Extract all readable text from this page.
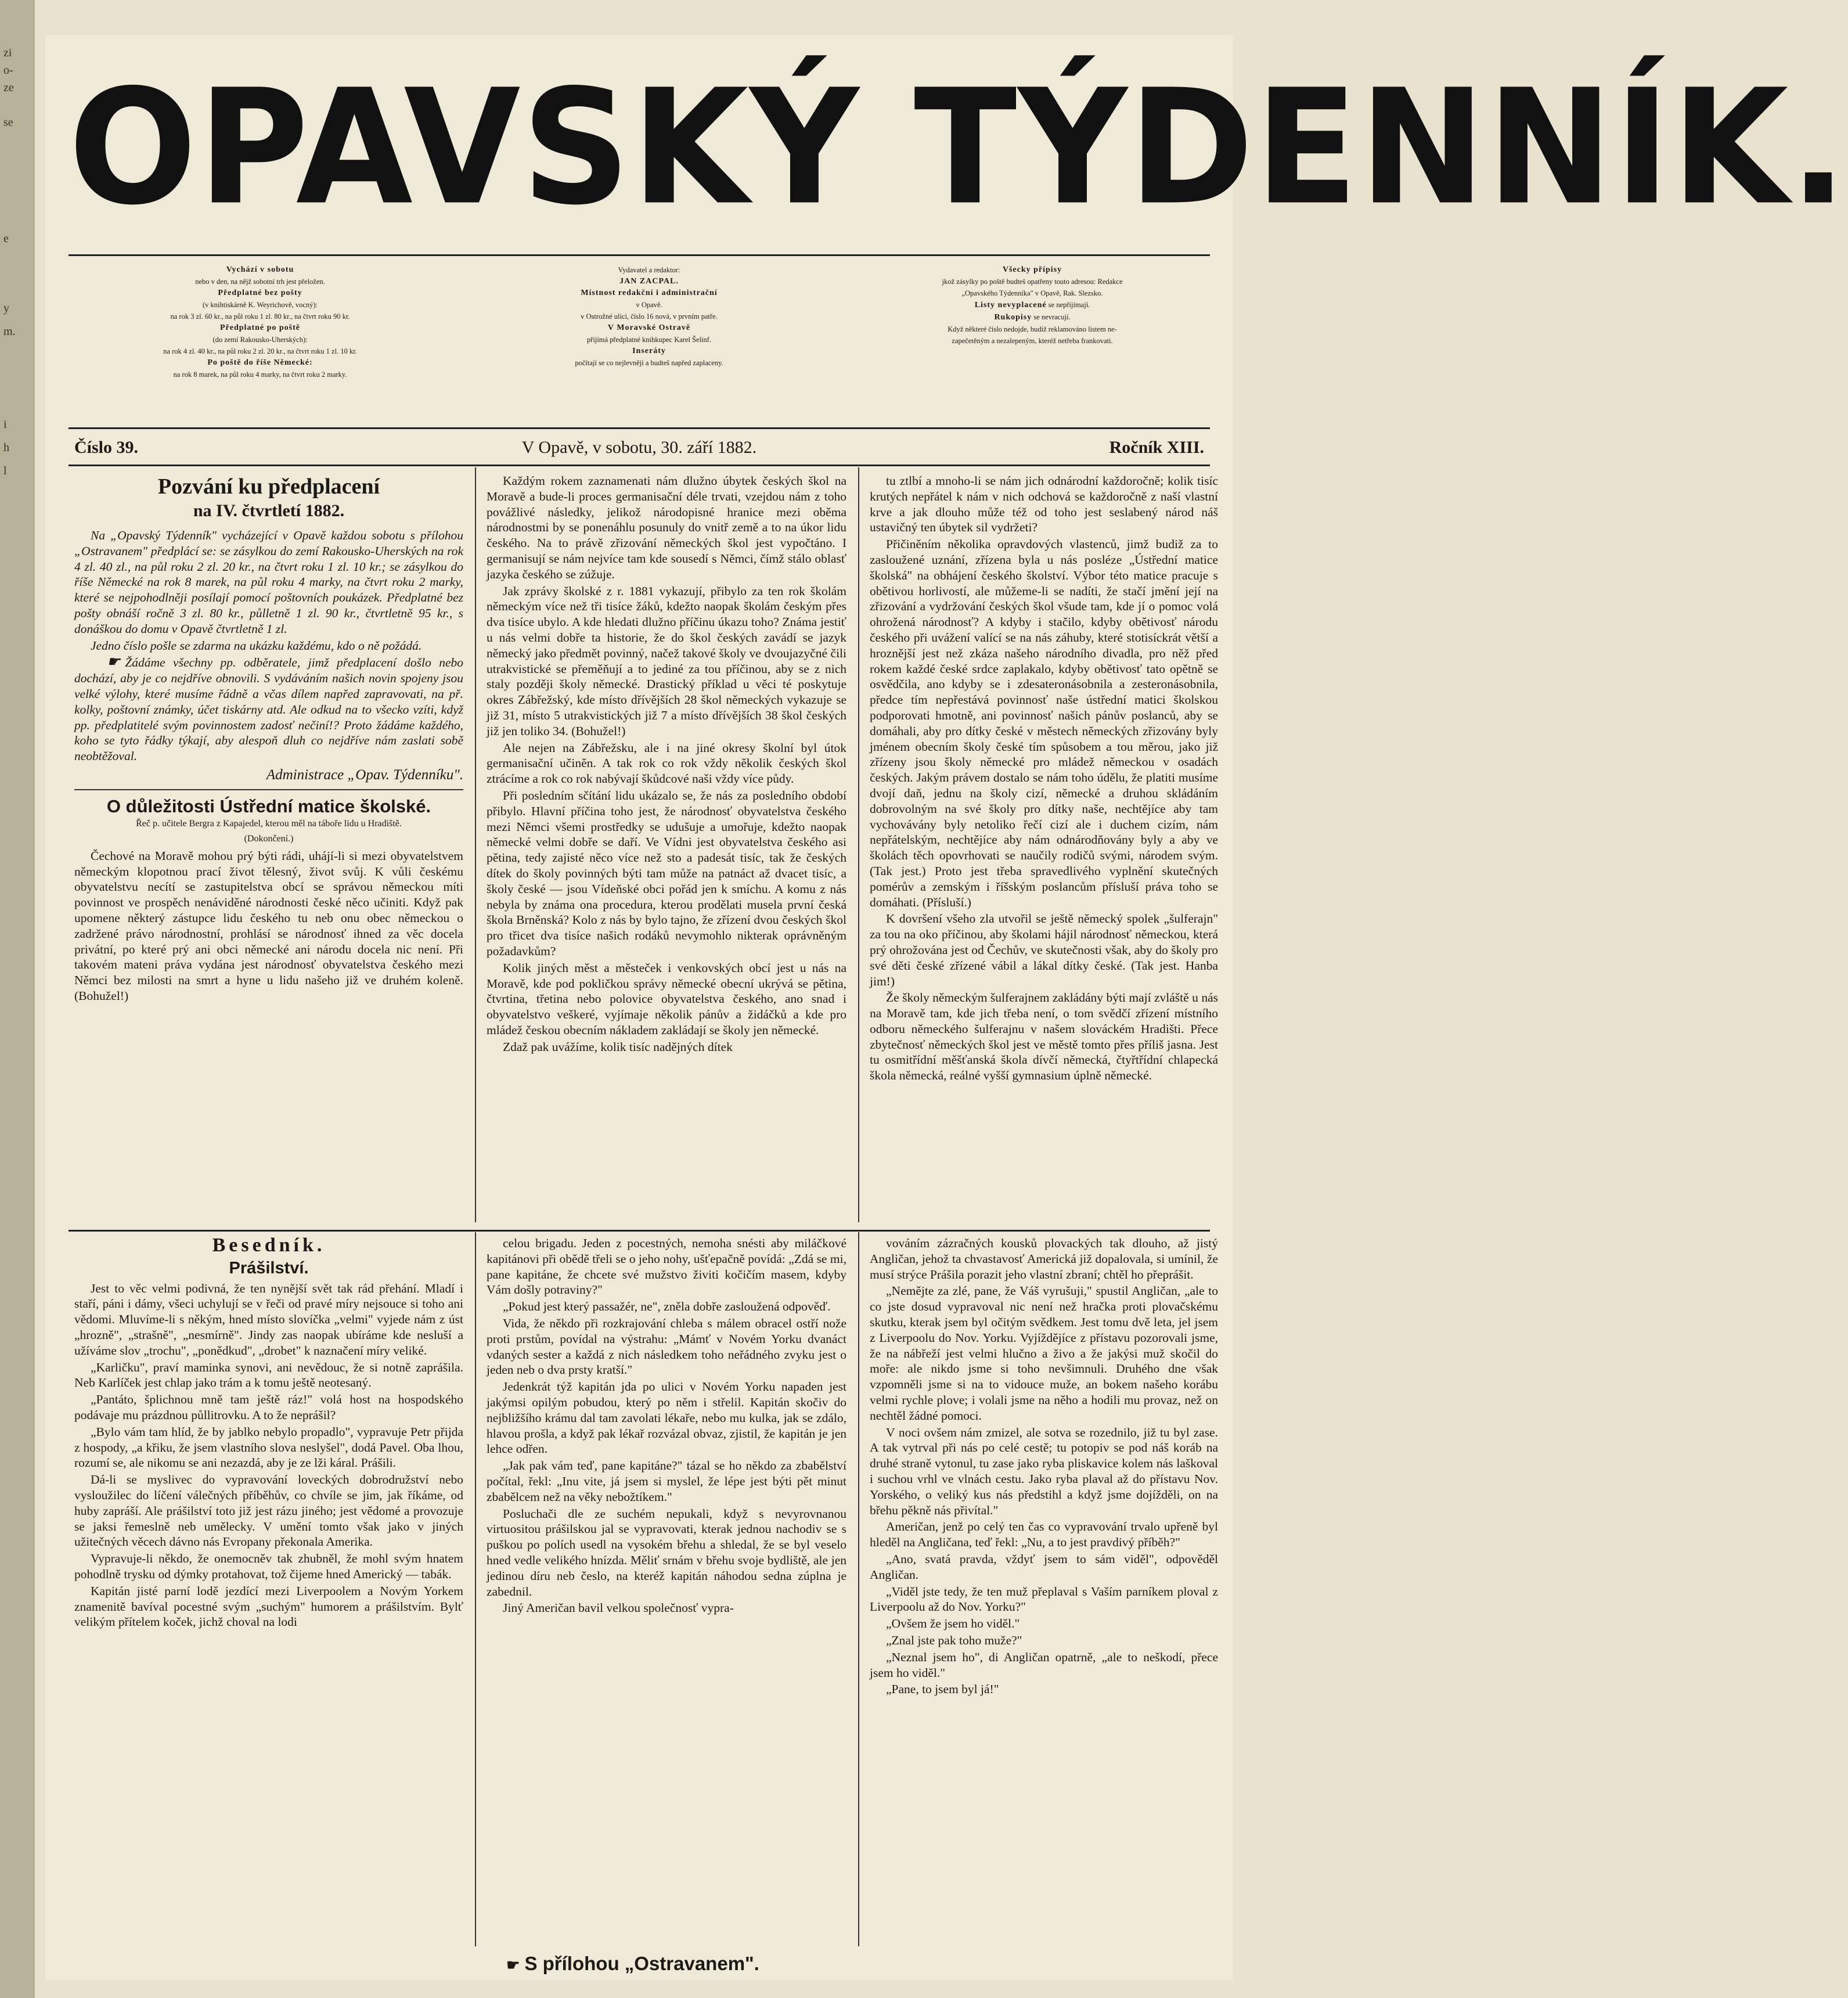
zi
o-
ze
se
e
y
m.
i
h
l
OPAVSKÝ TÝDENNÍK.
Vychází v sobotu
nebo v den, na nějž sobotní trh jest přeložen.
Předplatné bez pošty
(v knihtiskárně K. Weyrichově, vocný):
na rok 3 zl. 60 kr., na půl roku 1 zl. 80 kr., na čtvrt roku 90 kr.
Předplatné po poště
(do zemí Rakousko-Uherských):
na rok 4 zl. 40 kr., na půl roku 2 zl. 20 kr., na čtvrt roku 1 zl. 10 kr.
Po poště do říše Německé:
na rok 8 marek, na půl roku 4 marky, na čtvrt roku 2 marky.
Vydavatel a redaktor:
JAN ZACPAL.
Místnost redakční i administrační
v Opavě.
v Ostrožné ulici, číslo 16 nová, v prvním patře.
V Moravské Ostravě
přijímá předplatné knihkupec Karel Šelinf.
Inseráty
počítají se co nejlevněji a budteš napřed zaplaceny.
Všecky přípisy
jkož zásylky po poště budteš opatřeny touto adresou: Redakce
„Opavského Týdenníka" v Opavě, Rak. Slezsko.
Listy nevyplacené se nepřijímají.
Rukopisy se nevracují.
Když některé číslo nedojde, budiž reklamováno listem ne-
zapečetěným a nezalepeným, kteréž netřeba frankovati.
Číslo 39.	V Opavě, v sobotu, 30. září 1882.	Ročník XIII.
Pozvání ku předplacení
na IV. čtvrtletí 1882.

Na „Opavský Týdenník" vycházející v Opavě každou sobotu s přílohou „Ostravanem" předplácí se: se zásylkou do zemí Rakousko-Uherských na rok 4 zl. 40 zl., na půl roku 2 zl. 20 kr., na čtvrt roku 1 zl. 10 kr.; se zásylkou do říše Německé na rok 8 marek, na půl roku 4 marky, na čtvrt roku 2 marky, které se nejpohodlněji posílají pomocí poštovních poukázek. Předplatné bez pošty obnáší ročně 3 zl. 80 kr., půlletně 1 zl. 90 kr., čtvrtletně 95 kr., s donáškou do domu v Opavě čtvrtletně 1 zl.

Jedno číslo pošle se zdarma na ukázku každému, kdo o ně požádá.

☛ Žádáme všechny pp. odběratele, jimž předplacení došlo nebo dochází, aby je co nejdříve obnovili. S vydáváním našich novin spojeny jsou velké výlohy, které musíme řádně a včas dílem napřed zapravovati, na př. kolky, poštovní známky, účet tiskárny atd. Ale odkud na to všecko vzíti, když pp. předplatitelé svým povinnostem zadosť nečiní!? Proto žádáme každého, koho se tyto řádky týkají, aby alespoň dluh co nejdříve nám zaslati sobě neobtěžoval.

Administrace „Opav. Týdenníku".
O důležitosti Ústřední matice školské.
Řeč p. učitele Bergra z Kapajedel, kterou měl na táboře lidu u Hradiště.
(Dokončení.)

Čechové na Moravě mohou prý býti rádi, uhájí-li si mezi obyvatelstvem německým klopotnou prací život tělesný, život svůj. K vůli českému obyvatelstvu necítí se zastupitelstva obcí se správou německou míti povinnost ve prospěch nenáviděné národnosti české něco učiniti. Když pak upomene některý zástupce lidu českého tu neb onu obec německou o zadržené právo národnostní, prohlásí se národnosť ihned za věc docela privátní, po které prý ani obci německé ani národu docela nic není. Při takovém mateni práva vydána jest národnosť obyvatelstva českého mezi Němci bez milosti na smrt a hyne u lidu našeho již ve druhém koleně. (Bohužel!)

Každým rokem zaznamenati nám dlužno úbytek českých škol na Moravě a bude-li proces germanisační déle trvati, vzejdou nám z toho povážlivé následky, jelikož národopisné hranice mezi oběma národnostmi by se ponenáhlu posunuly do vnitř země a to na úkor lidu českého. Na to právě zřizování německých škol jest vypočtáno. I germanisují se nám nejvíce tam kde sousedí s Němci, čímž stálo oblasť jazyka českého se zúžuje.

Jak zprávy školské z r. 1881 vykazují, přibylo za ten rok školám německým více než tři tisíce žáků, kdežto naopak školám českým přes dva tisíce ubylo. A kde hledati dlužno příčinu úkazu toho? Známa jestiť u nás velmi dobře ta historie, že do škol českých zavádí se jazyk německý jako předmět povinný, načež takové školy ve dvoujazyčné čili utrakvistické se přeměňují a to jediné za tou příčinou, aby se z nich staly později školy německé. Drastický příklad u věci té poskytuje okres Zábřežský, kde místo dřívějších 28 škol německých vykazuje se již 31, místo 5 utrakvistických již 7 a místo dřívějších 38 škol českých již jen toliko 34. (Bohužel!)

Ale nejen na Zábřežsku, ale i na jiné okresy školní byl útok germanisační učiněn. A tak rok co rok vždy několik českých škol ztrácíme a rok co rok nabývají škůdcové naši vždy více půdy.

Při posledním sčítání lidu ukázalo se, že nás za posledního období přibylo. Hlavní příčina toho jest, že národnosť obyvatelstva českého mezi Němci všemi prostředky se udušuje a umořuje, kdežto naopak německé velmi dobře se daří. Ve Vídni jest obyvatelstva českého asi pětina, tedy zajisté něco více než sto a padesát tisíc, tak že českých dítek do školy povinných býti tam může na patnáct až dvacet tisíc, a školy české — jsou Vídeňské obci pořád jen k smíchu. A komu z nás nebyla by známa ona procedura, kterou prodělati musela první česká škola Brněnská? Kolo z nás by bylo tajno, že zřízení dvou českých škol pro třicet dva tisíce našich rodáků nevymohlo nikterak oprávněným požadavkům?

Kolik jiných měst a městeček i venkovských obcí jest u nás na Moravě, kde pod pokličkou správy německé obecní ukrývá se pětina, čtvrtina, třetina nebo polovice obyvatelstva českého, ano snad i obyvatelstvo veškeré, vyjímaje několik pánův a židáčků a kde pro mládež českou obecním nákladem zakládají se školy jen německé.

Zdaž pak uvážíme, kolik tisíc nadějných dítek

tu ztlbí a mnoho-li se nám jich odnárodní každoročně; kolik tisíc krutých nepřátel k nám v nich odchová se každoročně z naší vlastní krve a jak dlouho může též od toho jest seslabený národ náš ustavičný ten úbytek sil vydržeti?

Přičiněním několika opravdových vlastenců, jimž budiž za to zasloužené uznání, zřízena byla u nás posléze „Ústřední matice školská" na obhájení českého školství. Výbor této matice pracuje s obětivou horlivostí, ale můžeme-li se nadíti, že stačí jmění její na zřizování a vydržování českých škol všude tam, kde jí o pomoc volá ohrožená národnosť? A kdyby i stačilo, kdyby obětivosť národu českého při uvážení valící se na nás záhuby, které stotisíckrát větší a hroznější jest než zkáza našeho národního divadla, pro něž před rokem každé české srdce zaplakalo, kdyby obětivosť tato opětně se osvědčila, ano kdyby se i zdesateronásobnila a zesteronásobnila, předce tím nepřestává povinnosť naše ústřední matici školskou podporovati hmotně, ani povinnosť našich pánův poslanců, aby se domáhali, aby pro dítky české v městech německých zřizovány byly jménem obecním školy české tím spůsobem a tou měrou, jako již zřízeny jsou školy německé pro mládež německou v osadách českých. Jakým právem dostalo se nám toho údělu, že platiti musíme dvojí daň, jednu na školy cizí, německé a druhou skládáním dobrovolným na své školy pro dítky naše, nechtějíce aby tam vychovávány byly netoliko řečí cizí ale i duchem cizím, nám nepřátelským, nechtějíce aby nám odnárodňovány byly a aby ve školách těch opovrhovati se naučily rodičů svými, národem svým. (Tak jest.) Proto jest třeba spravedlivého vyplnění skutečných pomérův a zemským i říšským poslancům přísluší práva toho se domáhati. (Přísluší.)

K dovršení všeho zla utvořil se ještě německý spolek „šulferajn" za tou na oko příčinou, aby školami hájil národnosť německou, která prý ohrožována jest od Čechův, ve skutečnosti však, aby do školy pro své děti české zřízené vábil a lákal dítky české. (Tak jest. Hanba jim!)

Že školy německým šulferajnem zakládány býti mají zvláště u nás na Moravě tam, kde jich třeba není, o tom svědčí zřízení místního odboru německého šulferajnu v našem slováckém Hradišti. Přece zbytečnosť německých škol jest ve městě tomto přes příliš jasna. Jest tu osmitřídní měšťanská škola dívčí německá, čtyřtřídní chlapecká škola německá, reálné vyšší gymnasium úplně německé.

Besedník.
Prášilství.

Jest to věc velmi podivná, že ten nynější svět tak rád přehání. Mladí i staří, páni i dámy, všeci uchylují se v řeči od pravé míry nejsouce si toho ani vědomi. Mluvíme-li s někým, hned místo slovíčka „velmi" vyjede nám z úst „hrozně", „strašně", „nesmírně". Jindy zas naopak ubíráme kde nesluší a užíváme slov „trochu", „ponědkud", „drobet" k naznačení míry veliké.

„Karličku", praví maminka synovi, ani nevědouc, že si notně zaprášila. Neb Karlíček jest chlap jako trám a k tomu ještě neotesaný.

„Pantáto, šplichnou mně tam ještě ráz!" volá host na hospodského podávaje mu prázdnou půllitrovku. A to že neprášil?

„Bylo vám tam hlíd, že by jablko nebylo propadlo", vypravuje Petr přijda z hospody, „a křiku, že jsem vlastního slova neslyšel", dodá Pavel. Oba lhou, rozumí se, ale nikomu se ani nezazdá, aby je ze lži káral. Prášili.

Dá-li se myslivec do vypravování loveckých dobrodružství nebo vysloužilec do líčení válečných příběhův, co chvíle se jim, jak říkáme, od huby zapráší. Ale prášilství toto již jest rázu jiného; jest vědomé a provozuje se jaksi řemeslně neb umělecky. V umění tomto však jako v jiných užitečných věcech dávno nás Evropany překonala Amerika.

Vypravuje-li někdo, že onemocněv tak zhubněl, že mohl svým hnatem pohodlně trysku od dýmky protahovat, tož čijeme hned Americký — tabák.

Kapitán jisté parní lodě jezdící mezi Liverpoolem a Novým Yorkem znamenitě bavíval pocestné svým „suchým" humorem a prášilstvím. Bylť velikým přítelem koček, jichž choval na lodi

celou brigadu. Jeden z pocestných, nemoha snésti aby miláčkové kapitánovi při obědě třeli se o jeho nohy, ušťepačně povídá: „Zdá se mi, pane kapitáne, že chcete své mužstvo živiti kočičím masem, kdyby Vám došly potraviny?"

„Pokud jest který passažér, ne", zněla dobře zasloužená odpověď.

Vida, že někdo při rozkrajování chleba s málem obracel ostří nože proti prstům, povídal na výstrahu: „Mámť v Novém Yorku dvanáct vdaných sester a každá z nich následkem toho neřádného zvyku jest o jeden neb o dva prsty kratší."

Jedenkrát týž kapitán jda po ulici v Novém Yorku napaden jest jakýmsi opilým pobudou, který po něm i střelil. Kapitán skočiv do nejbližšího krámu dal tam zavolati lékaře, nebo mu kulka, jak se zdálo, hlavou prošla, a když pak lékař rozvázal obvaz, zjistil, že kapitán je jen lehce odřen.

„Jak pak vám teď, pane kapitáne?" tázal se ho někdo za zbabělství počítal, řekl: „Inu vite, já jsem si myslel, že lépe jest býti pět minut zbabělcem než na věky nebožtíkem."

Posluchači dle ze suchém nepukali, když s nevyrovnanou virtuositou prášilskou jal se vypravovati, kterak jednou nachodiv se s puškou po polích usedl na vysokém břehu a shledal, že se byl veselo hned vedle velikého hnízda. Měliť srnám v břehu svoje bydliště, ale jen jedinou díru neb česlo, na kteréž kapitán náhodou sedna zúplna je zabednil.

Jiný Američan bavil velkou společnosť vypra-

vováním zázračných kousků plovackých tak dlouho, až jistý Angličan, jehož ta chvastavosť Americká již dopalovala, si umínil, že musí strýce Prášila porazit jeho vlastní zbraní; chtěl ho přeprášit.

„Nemějte za zlé, pane, že Váš vyrušuji," spustil Angličan, „ale to co jste dosud vypravoval nic není než hračka proti plovačskému skutku, kterak jsem byl očitým svědkem. Jest tomu dvě leta, jel jsem z Liverpoolu do Nov. Yorku. Vyjíždějíce z přístavu pozorovali jsme, že na nábřeží jest velmi hlučno a živo a že jakýsi muž skočil do moře: ale nikdo jsme si toho nevšimnuli. Druhého dne však vzpomněli jsme si na to vidouce muže, an bokem našeho korábu velmi rychle plove; i volali jsme na něho a hodili mu provaz, než on nechtěl žádné pomoci.

V noci ovšem nám zmizel, ale sotva se rozednilo, již tu byl zase. A tak vytrval při nás po celé cestě; tu potopiv se pod náš koráb na druhé straně vytonul, tu zase jako ryba pliskavice kolem nás laškoval i suchou vrhl ve vlnách cestu. Jako ryba plaval až do přístavu Nov. Yorského, o veliký kus nás předstihl a když jsme dojížděli, on na břehu pěkně nás přivítal."

Američan, jenž po celý ten čas co vypravování trvalo upřeně byl hleděl na Angličana, teď řekl: „Nu, a to jest pravdivý příběh?"

„Ano, svatá pravda, vždyť jsem to sám viděl", odpověděl Angličan.

„Viděl jste tedy, že ten muž přeplaval s Vaším parníkem ploval z Liverpoolu až do Nov. Yorku?"

„Ovšem že jsem ho viděl."

„Znal jste pak toho muže?"

„Neznal jsem ho", di Angličan opatrně, „ale to neškodí, přece jsem ho viděl."

„Pane, to jsem byl já!"

☛ S přílohou „Ostravanem".
